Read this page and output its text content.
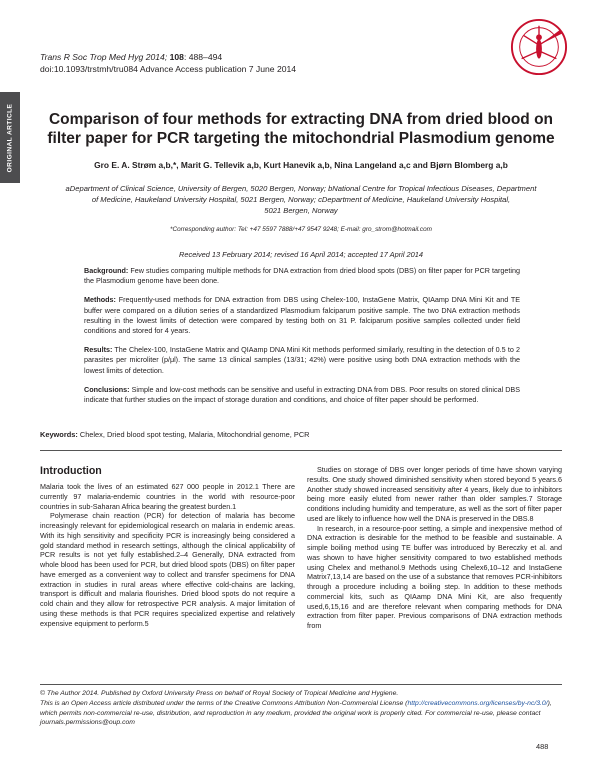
ORIGINAL ARTICLE
Trans R Soc Trop Med Hyg 2014; 108: 488–494
doi:10.1093/trstmh/tru084 Advance Access publication 7 June 2014
Comparison of four methods for extracting DNA from dried blood on filter paper for PCR targeting the mitochondrial Plasmodium genome
Gro E. A. Strøm a,b,*, Marit G. Tellevik a,b, Kurt Hanevik a,b, Nina Langeland a,c and Bjørn Blomberg a,b
aDepartment of Clinical Science, University of Bergen, 5020 Bergen, Norway; bNational Centre for Tropical Infectious Diseases, Department
of Medicine, Haukeland University Hospital, 5021 Bergen, Norway; cDepartment of Medicine, Haukeland University Hospital,
5021 Bergen, Norway
*Corresponding author: Tel: +47 5597 7888/+47 9547 9248; E-mail: gro_strom@hotmail.com
Received 13 February 2014; revised 16 April 2014; accepted 17 April 2014

Background: Few studies comparing multiple methods for DNA extraction from dried blood spots (DBS) on filter paper for PCR targeting the Plasmodium genome have been done.

Methods: Frequently-used methods for DNA extraction from DBS using Chelex-100, InstaGene Matrix, QIAamp DNA Mini Kit and TE buffer were compared on a dilution series of a standardized Plasmodium falciparum positive sample. The two DNA extraction methods resulting in the lowest limits of detection were compared by testing both on 31 P. falciparum positive samples collected under field conditions and stored for 4 years.

Results: The Chelex-100, InstaGene Matrix and QIAamp DNA Mini Kit methods performed similarly, resulting in the detection of 0.5 to 2 parasites per microliter (p/μl). The same 13 clinical samples (13/31; 42%) were positive using both DNA extraction methods with the lowest limits of detection.

Conclusions: Simple and low-cost methods can be sensitive and useful in extracting DNA from DBS. Poor results on stored clinical DBS indicate that further studies on the impact of storage duration and conditions, and choice of filter paper should be performed.

Keywords: Chelex, Dried blood spot testing, Malaria, Mitochondrial genome, PCR
Introduction

Malaria took the lives of an estimated 627 000 people in 2012.1 There are currently 97 malaria-endemic countries in the world with resource-poor countries in sub-Saharan Africa bearing the greatest burden.1

Polymerase chain reaction (PCR) for detection of malaria has become increasingly relevant for epidemiological research on malaria in endemic areas. With its high sensitivity and specificity PCR is increasingly being considered a gold standard method in research settings, although the clinical applicability of PCR results is not yet fully established.2–4 Generally, DNA extracted from whole blood has been used for PCR, but dried blood spots (DBS) on filter paper have emerged as a convenient way to collect and transfer specimens for DNA extraction in studies in rural areas where effective cold-chains are lacking, transport is difficult and malaria flourishes. Dried blood spots do not require a cold chain and they allow for retrospective PCR analysis. A major limitation of using these methods is that PCR requires specialized expertise and relatively expensive equipment to perform.5

Studies on storage of DBS over longer periods of time have shown varying results. One study showed diminished sensitivity when stored beyond 5 years.6 Another study showed increased sensitivity after 4 years, likely due to inhibitors being more easily eluted from newer rather than older samples.7 Storage conditions including humidity and temperature, as well as the sort of filter paper used are likely to influence how well the DNA is preserved in the DBS.8

In research, in a resource-poor setting, a simple and inexpensive method of DNA extraction is desirable for the method to be feasible and sustainable. A simple boiling method using TE buffer was introduced by Bereczky et al. and was shown to have higher sensitivity compared to two established methods using Chelex and methanol.9 Methods using Chelex6,10–12 and InstaGene Matrix7,13,14 are based on the use of a substance that removes PCR-inhibitors through a procedure including a boiling step. In addition to these methods commercial kits, such as QIAamp DNA Mini Kit, are also frequently used,6,15,16 and are therefore relevant when comparing methods for DNA extraction from filter paper. Previous comparisons of DNA extraction methods from

© The Author 2014. Published by Oxford University Press on behalf of Royal Society of Tropical Medicine and Hygiene.
This is an Open Access article distributed under the terms of the Creative Commons Attribution Non-Commercial License (http://creativecommons.org/licenses/by-nc/3.0/), which permits non-commercial re-use, distribution, and reproduction in any medium, provided the original work is properly cited. For commercial re-use, please contact journals.permissions@oup.com
488
